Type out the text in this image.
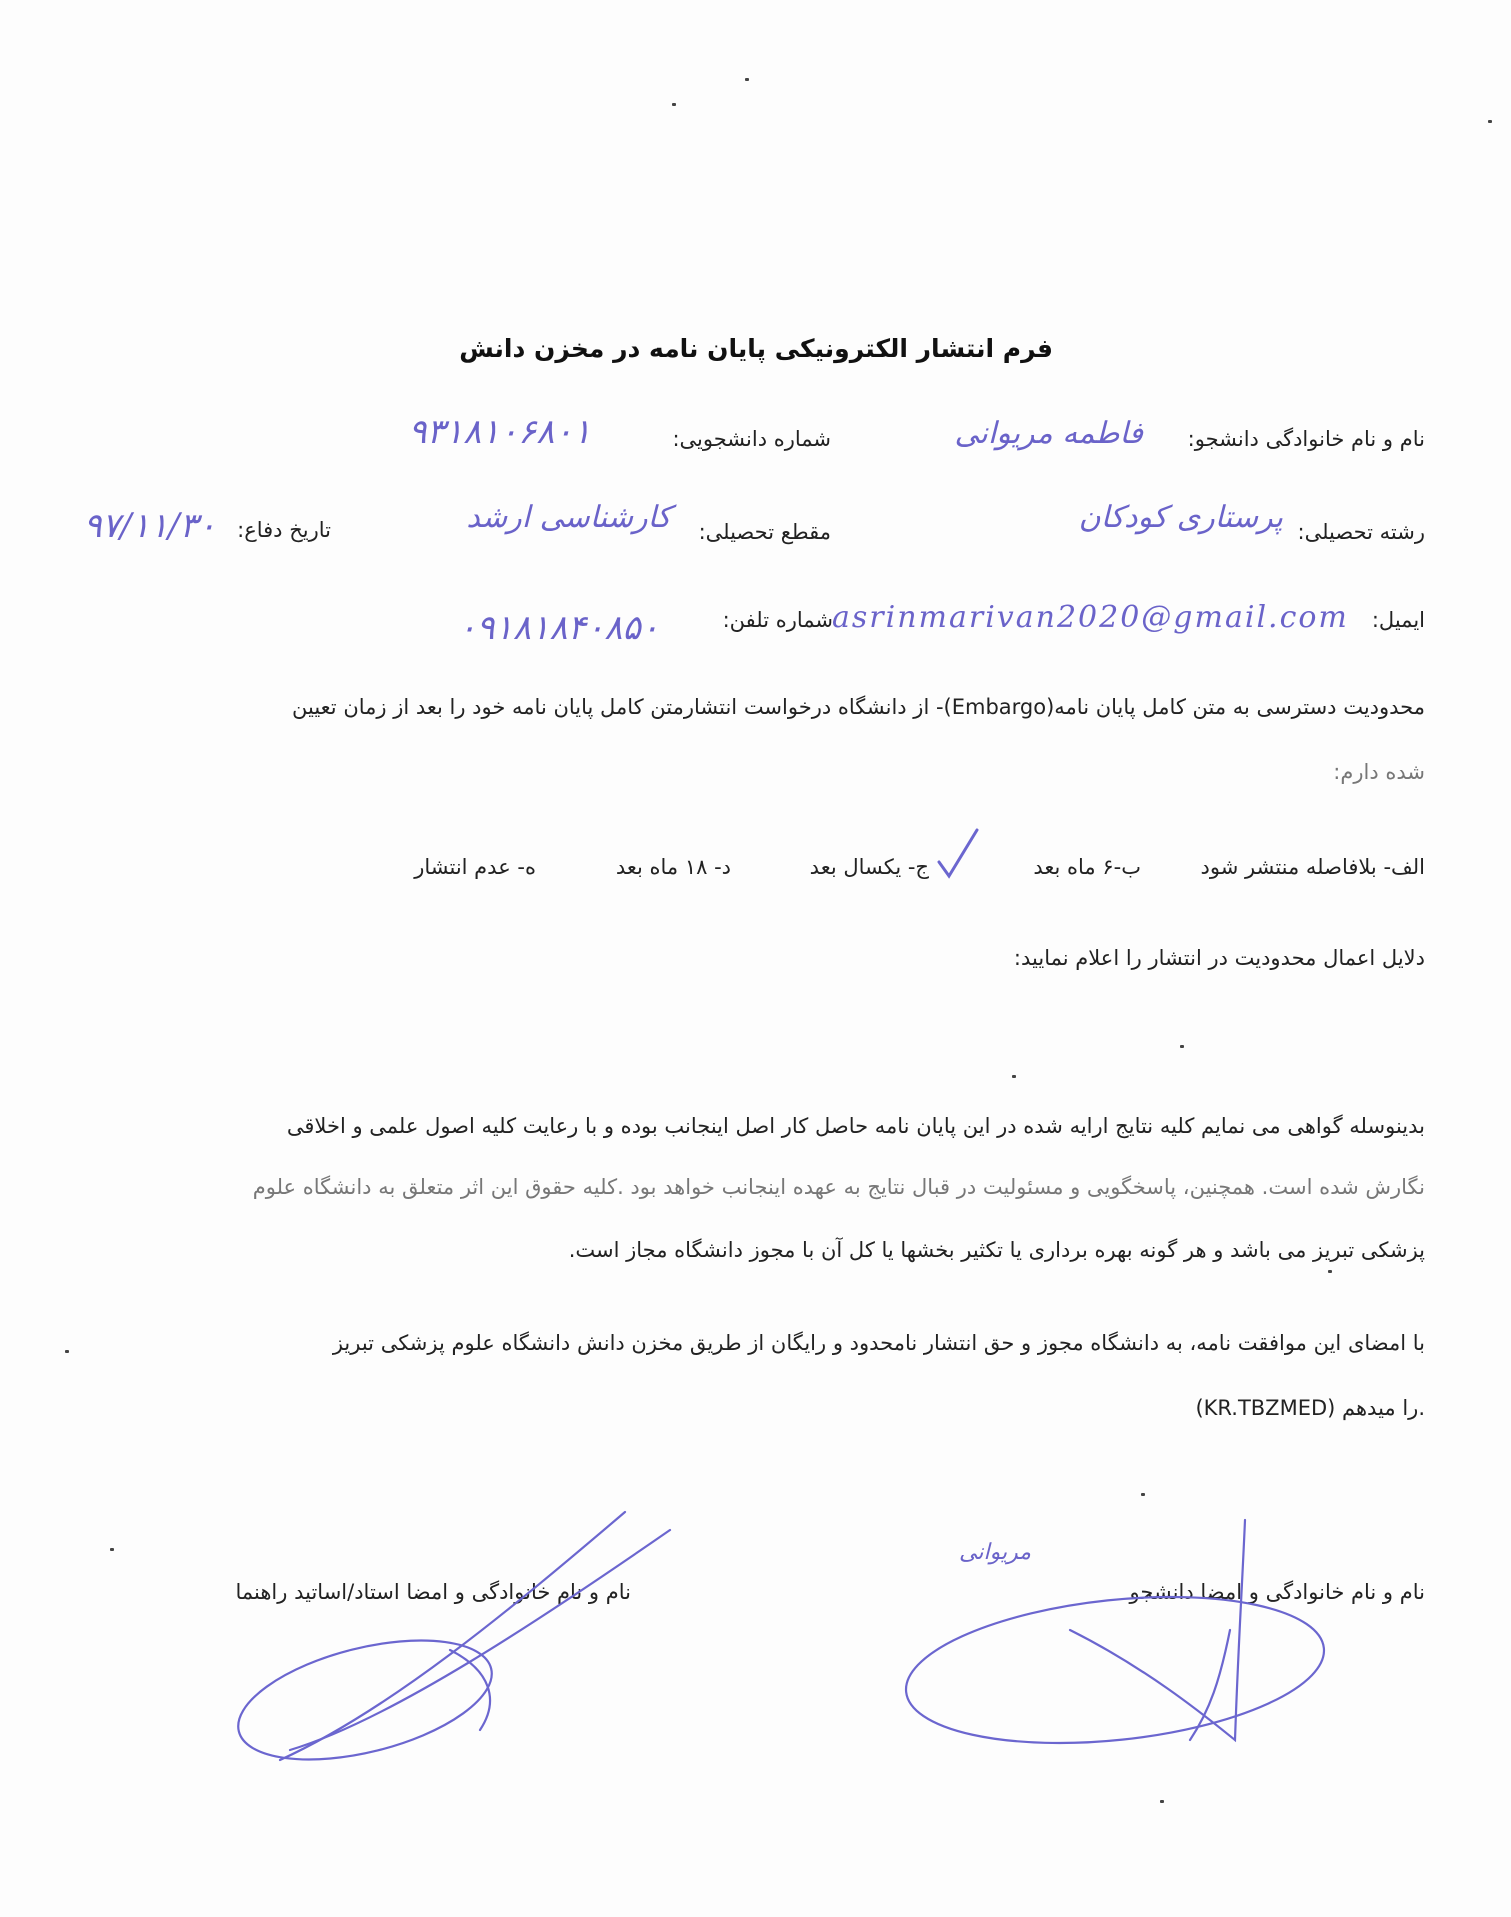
فرم انتشار الکترونیکی پایان نامه در مخزن دانش
نام و نام خانوادگی دانشجو:
فاطمه مریوانی
شماره دانشجویی:
۹۳۱۸۱۰۶۸۰۱
رشته تحصیلی:
پرستاری کودکان
مقطع تحصیلی:
کارشناسی ارشد
تاریخ دفاع:
۹۷/۱۱/۳۰
ایمیل:
asrinmarivan2020@gmail.com
شماره تلفن:
۰۹۱۸۱۸۴۰۸۵۰
محدودیت دسترسی به متن کامل پایان نامه(Embargo)- از دانشگاه درخواست انتشارمتن کامل پایان نامه خود را بعد از زمان تعیین
شده دارم:
الف- بلافاصله منتشر شود
ب-۶ ماه بعد
ج- یکسال بعد
د- ۱۸ ماه بعد
ه- عدم انتشار
دلایل اعمال محدودیت در انتشار را اعلام نمایید:
بدینوسله گواهی می نمایم کلیه نتایج ارایه شده در این پایان نامه حاصل کار اصل اینجانب بوده و با رعایت کلیه اصول علمی و اخلاقی
نگارش شده است. همچنین، پاسخگویی و مسئولیت در قبال نتایج به عهده اینجانب خواهد بود .کلیه حقوق این اثر متعلق به دانشگاه علوم
پزشکی تبریز می باشد و هر گونه بهره برداری یا تکثیر بخشها یا کل آن با مجوز دانشگاه مجاز است.
با امضای این موافقت نامه، به دانشگاه مجوز و حق انتشار نامحدود و رایگان از طریق مخزن دانش دانشگاه علوم پزشکی تبریز
(KR.TBZMED) را میدهم.
نام و نام خانوادگی و امضا دانشجو
مریوانی
نام و نام خانوادگی و امضا استاد/اساتید راهنما
